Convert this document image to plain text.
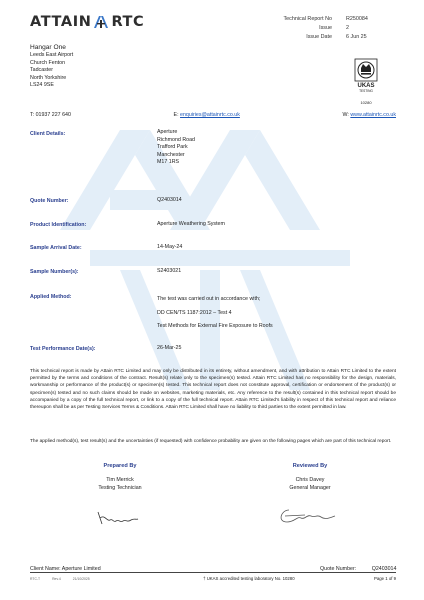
ATTAIN RTC	Technical Report No	R250084
Issue	2
Issue Date	6 Jun 25
UKAS
TESTING
10280
Hangar One
Leeds East Airport
Church Fenton
Tadcaster
North Yorkshire
LS24 9SE
T: 01937 227 640	E: enquiries@attainrtc.co.uk	W: www.attainrtc.co.uk
Client Details:	Aperture
Richmond Road
Trafford Park
Manchester
M17 1RS
Quote Number:	Q2403014
Product Identification:	Aperture Weathering System
Sample Arrival Date:	14-May-24
Sample Number(s):	S2403021
Applied Method:	The test was carried out in accordance with;
DD CEN/TS 1187:2012 – Test 4
Test Methods for External Fire Exposure to Roofs
Test Performance Date(s):	26-Mar-25
This technical report is made by Attain RTC Limited and may only be distributed in its entirety, without amendment, and with attribution to Attain RTC Limited to the extent permitted by the terms and conditions of the contract. Result(s) relate only to the specimen(s) tested. Attain RTC Limited has no responsibility for the design, materials, workmanship or performance of the product(s) or specimen(s) tested. This technical report does not constitute approval, certification or endorsement of the product(s) or specimen(s) tested and no such claims should be made on websites, marketing materials, etc. Any reference to the result(s) contained in this technical report should be accompanied by a copy of the full technical report, or link to a copy of the full technical report. Attain RTC Limited's liability in respect of this technical report and reliance thereupon shall be as per Testing Services Terms & Conditions. Attain RTC Limited shall have no liability to third parties to the extent permitted in law.
The applied method(s), test result(s) and the uncertainties (if requested) with confidence probability are given on the following pages which are part of this technical report.
Prepared By
Tim Merrick
Testing Technician
Reviewed By
Chris Davey
General Manager
Client Name: Aperture Limited	Quote Number:	Q2403014
RTC-T	Rev.4	21/10/2025	† UKAS accredited testing laboratory No. 10280	Page 1 of 9
